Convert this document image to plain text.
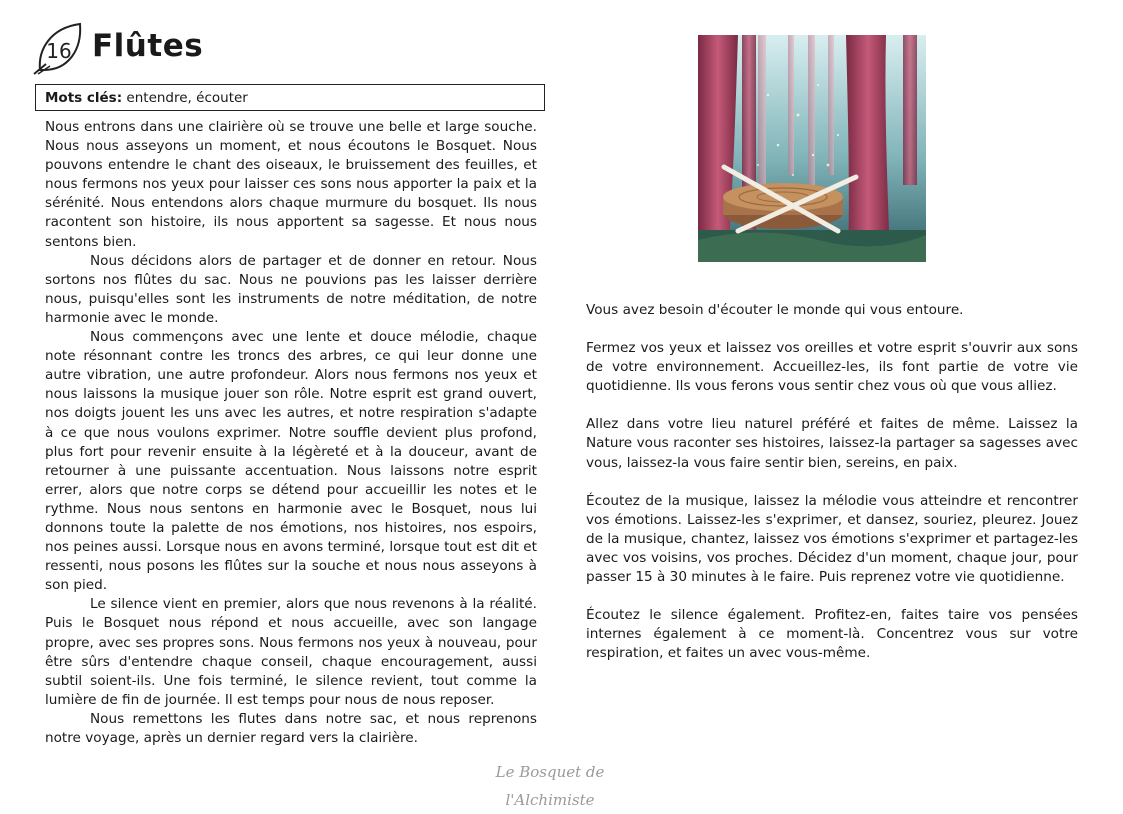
16 Flûtes
Mots clés: entendre, écouter

Nous entrons dans une clairière où se trouve une belle et large souche. Nous nous asseyons un moment, et nous écoutons le Bosquet. Nous pouvons entendre le chant des oiseaux, le bruissement des feuilles, et nous fermons nos yeux pour laisser ces sons nous apporter la paix et la sérénité. Nous entendons alors chaque murmure du bosquet. Ils nous racontent son histoire, ils nous apportent sa sagesse. Et nous nous sentons bien.

Nous décidons alors de partager et de donner en retour. Nous sortons nos flûtes du sac. Nous ne pouvions pas les laisser derrière nous, puisqu'elles sont les instruments de notre méditation, de notre harmonie avec le monde.

Nous commençons avec une lente et douce mélodie, chaque note résonnant contre les troncs des arbres, ce qui leur donne une autre vibration, une autre profondeur. Alors nous fermons nos yeux et nous laissons la musique jouer son rôle. Notre esprit est grand ouvert, nos doigts jouent les uns avec les autres, et notre respiration s'adapte à ce que nous voulons exprimer. Notre souffle devient plus profond, plus fort pour revenir ensuite à la légèreté et à la douceur, avant de retourner à une puissante accentuation. Nous laissons notre esprit errer, alors que notre corps se détend pour accueillir les notes et le rythme. Nous nous sentons en harmonie avec le Bosquet, nous lui donnons toute la palette de nos émotions, nos histoires, nos espoirs, nos peines aussi. Lorsque nous en avons terminé, lorsque tout est dit et ressenti, nous posons les flûtes sur la souche et nous nous asseyons à son pied.

Le silence vient en premier, alors que nous revenons à la réalité. Puis le Bosquet nous répond et nous accueille, avec son langage propre, avec ses propres sons. Nous fermons nos yeux à nouveau, pour être sûrs d'entendre chaque conseil, chaque encouragement, aussi subtil soient-ils. Une fois terminé, le silence revient, tout comme la lumière de fin de journée. Il est temps pour nous de nous reposer.

Nous remettons les flutes dans notre sac, et nous reprenons notre voyage, après un dernier regard vers la clairière.

Vous avez besoin d'écouter le monde qui vous entoure.

Fermez vos yeux et laissez vos oreilles et votre esprit s'ouvrir aux sons de votre environnement. Accueillez-les, ils font partie de votre vie quotidienne. Ils vous ferons vous sentir chez vous où que vous alliez.

Allez dans votre lieu naturel préféré et faites de même. Laissez la Nature vous raconter ses histoires, laissez-la partager sa sagesses avec vous, laissez-la vous faire sentir bien, sereins, en paix.

Écoutez de la musique, laissez la mélodie vous atteindre et rencontrer vos émotions. Laissez-les s'exprimer, et dansez, souriez, pleurez. Jouez de la musique, chantez, laissez vos émotions s'exprimer et partagez-les avec vos voisins, vos proches. Décidez d'un moment, chaque jour, pour passer 15 à 30 minutes à le faire. Puis reprenez votre vie quotidienne.

Écoutez le silence également. Profitez-en, faites taire vos pensées internes également à ce moment-là. Concentrez vous sur votre respiration, et faites un avec vous-même.

Le Bosquet de l'Alchimiste
